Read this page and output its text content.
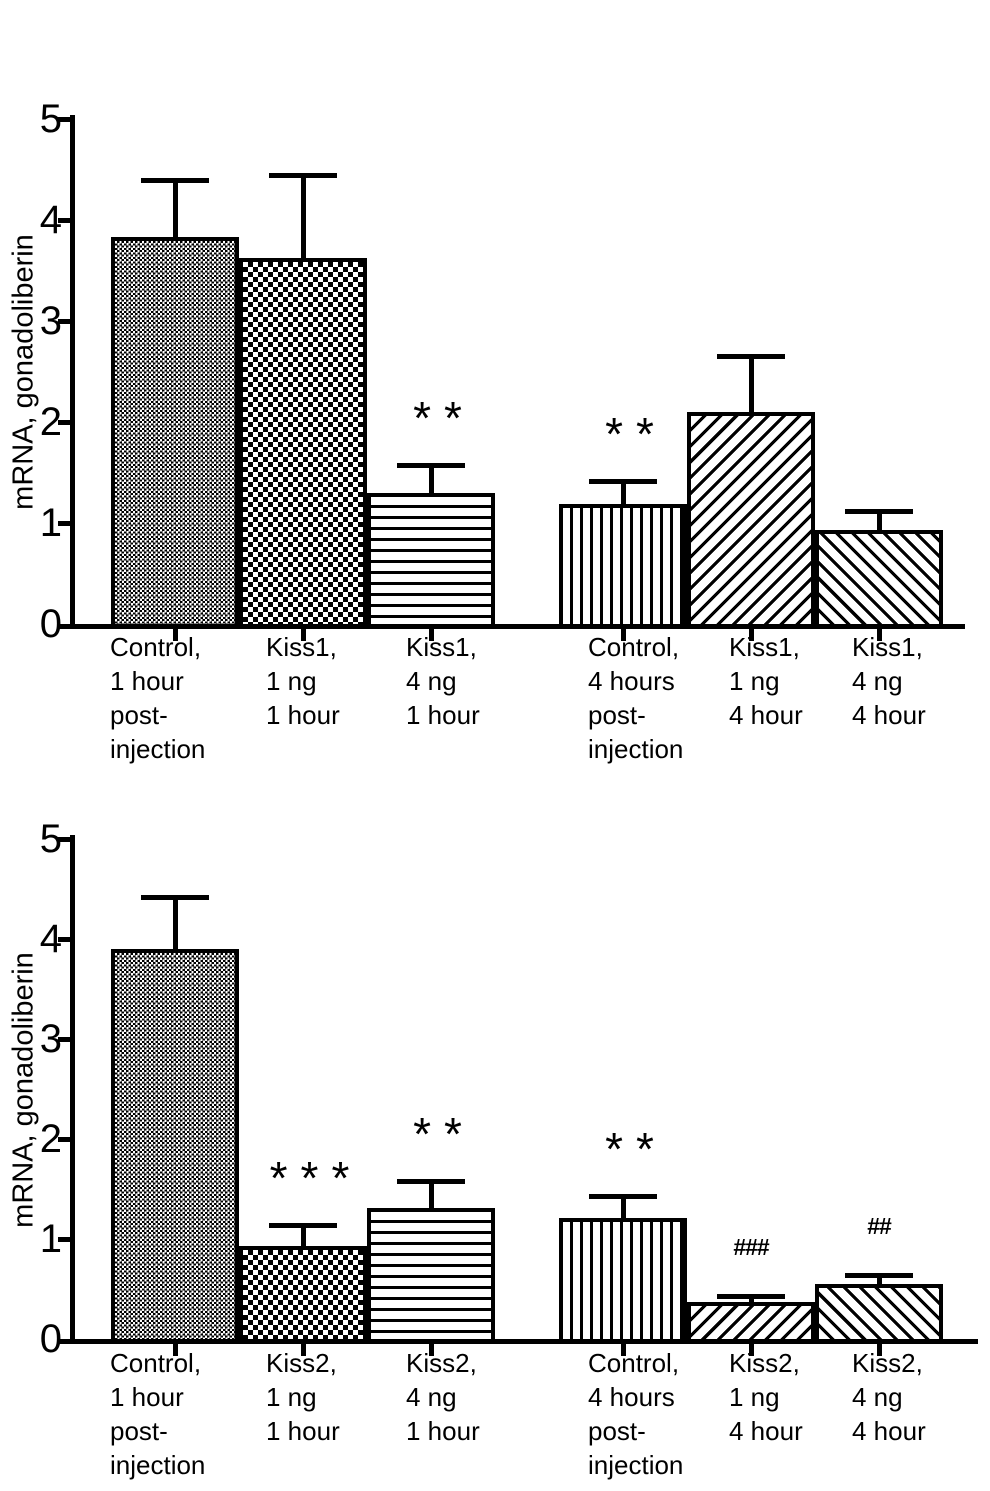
mRNA, gonadoliberin
0
1
2
3
4
5
Control,
1 hour
post-
injection
Kiss1,
1 ng
1 hour
Kiss1,
4 ng
1 hour
**
Control,
4 hours
post-
injection
**
Kiss1,
1 ng
4 hour
Kiss1,
4 ng
4 hour
mRNA, gonadoliberin
0
1
2
3
4
5
Control,
1 hour
post-
injection
Kiss2,
1 ng
1 hour
***
Kiss2,
4 ng
1 hour
**
Control,
4 hours
post-
injection
**
Kiss2,
1 ng
4 hour
###
Kiss2,
4 ng
4 hour
##
